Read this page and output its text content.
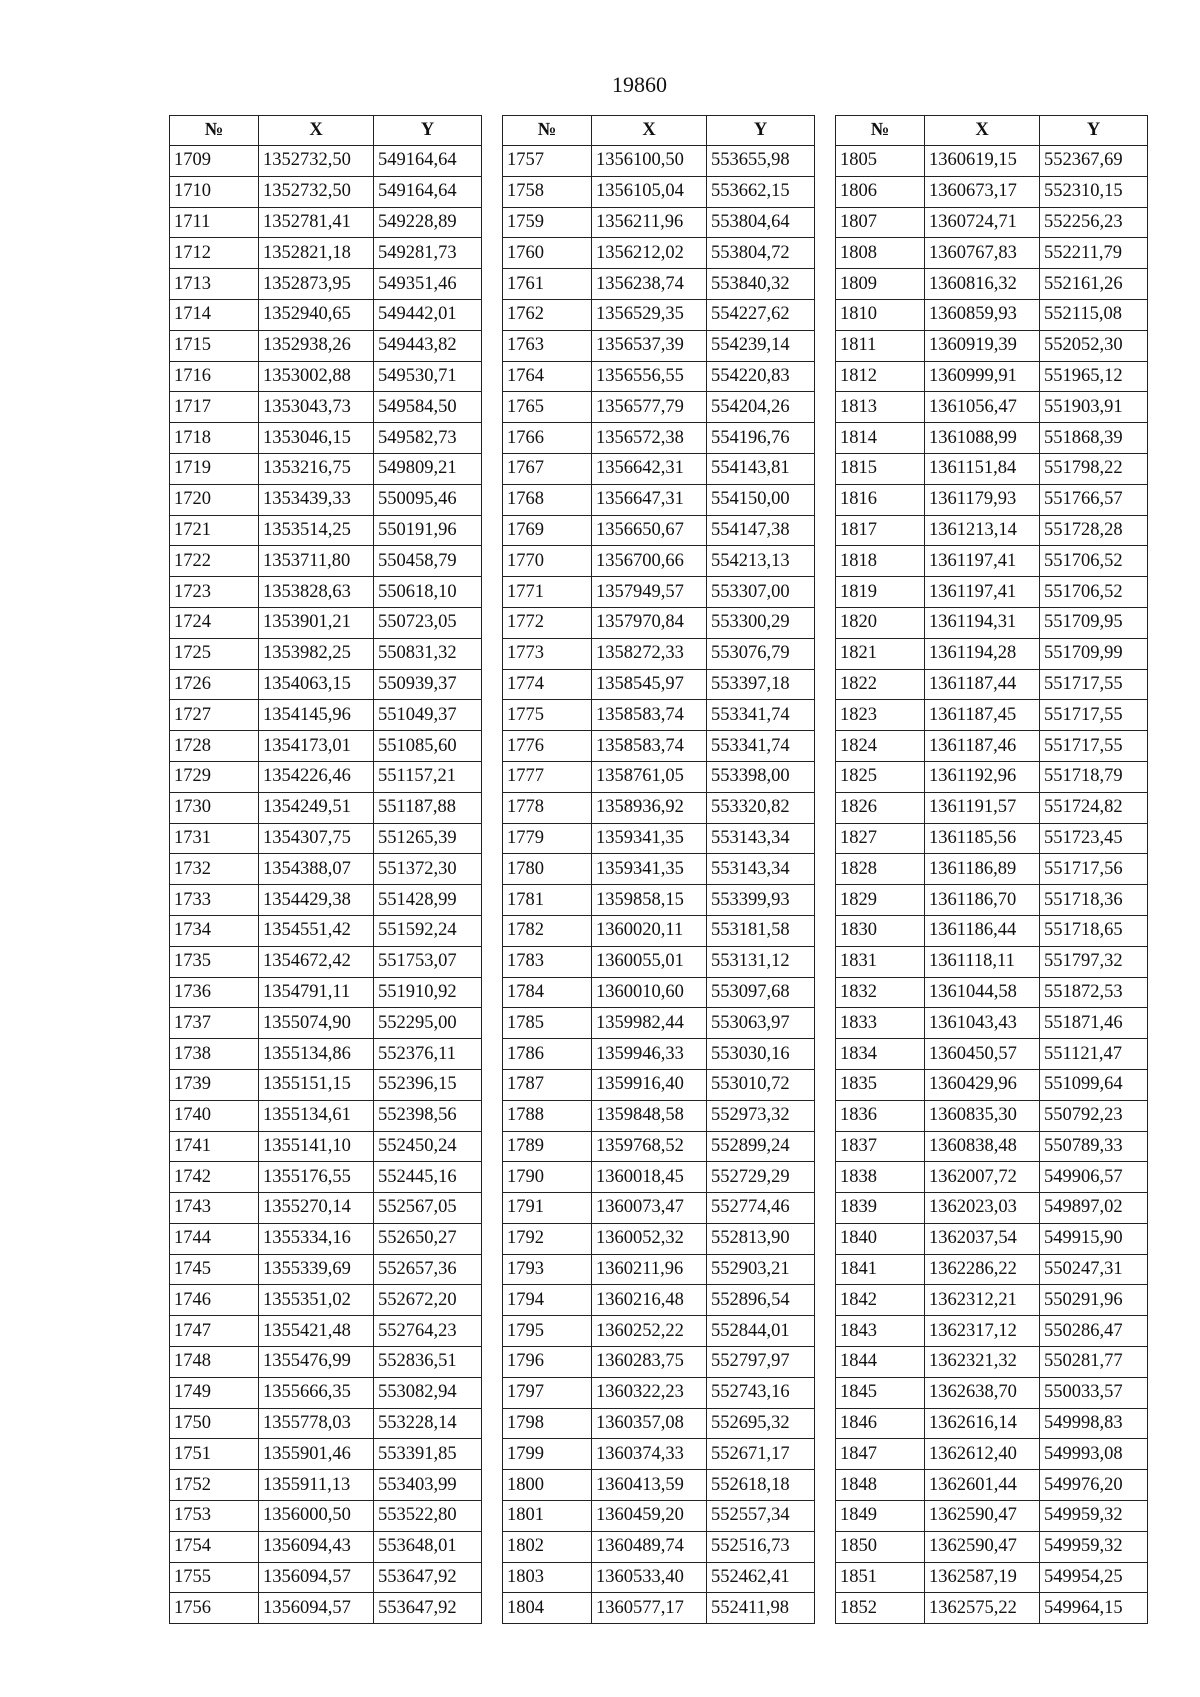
19860
№	X	Y
1709	1352732,50	549164,64
1710	1352732,50	549164,64
1711	1352781,41	549228,89
1712	1352821,18	549281,73
1713	1352873,95	549351,46
1714	1352940,65	549442,01
1715	1352938,26	549443,82
1716	1353002,88	549530,71
1717	1353043,73	549584,50
1718	1353046,15	549582,73
1719	1353216,75	549809,21
1720	1353439,33	550095,46
1721	1353514,25	550191,96
1722	1353711,80	550458,79
1723	1353828,63	550618,10
1724	1353901,21	550723,05
1725	1353982,25	550831,32
1726	1354063,15	550939,37
1727	1354145,96	551049,37
1728	1354173,01	551085,60
1729	1354226,46	551157,21
1730	1354249,51	551187,88
1731	1354307,75	551265,39
1732	1354388,07	551372,30
1733	1354429,38	551428,99
1734	1354551,42	551592,24
1735	1354672,42	551753,07
1736	1354791,11	551910,92
1737	1355074,90	552295,00
1738	1355134,86	552376,11
1739	1355151,15	552396,15
1740	1355134,61	552398,56
1741	1355141,10	552450,24
1742	1355176,55	552445,16
1743	1355270,14	552567,05
1744	1355334,16	552650,27
1745	1355339,69	552657,36
1746	1355351,02	552672,20
1747	1355421,48	552764,23
1748	1355476,99	552836,51
1749	1355666,35	553082,94
1750	1355778,03	553228,14
1751	1355901,46	553391,85
1752	1355911,13	553403,99
1753	1356000,50	553522,80
1754	1356094,43	553648,01
1755	1356094,57	553647,92
1756	1356094,57	553647,92
№	X	Y
1757	1356100,50	553655,98
1758	1356105,04	553662,15
1759	1356211,96	553804,64
1760	1356212,02	553804,72
1761	1356238,74	553840,32
1762	1356529,35	554227,62
1763	1356537,39	554239,14
1764	1356556,55	554220,83
1765	1356577,79	554204,26
1766	1356572,38	554196,76
1767	1356642,31	554143,81
1768	1356647,31	554150,00
1769	1356650,67	554147,38
1770	1356700,66	554213,13
1771	1357949,57	553307,00
1772	1357970,84	553300,29
1773	1358272,33	553076,79
1774	1358545,97	553397,18
1775	1358583,74	553341,74
1776	1358583,74	553341,74
1777	1358761,05	553398,00
1778	1358936,92	553320,82
1779	1359341,35	553143,34
1780	1359341,35	553143,34
1781	1359858,15	553399,93
1782	1360020,11	553181,58
1783	1360055,01	553131,12
1784	1360010,60	553097,68
1785	1359982,44	553063,97
1786	1359946,33	553030,16
1787	1359916,40	553010,72
1788	1359848,58	552973,32
1789	1359768,52	552899,24
1790	1360018,45	552729,29
1791	1360073,47	552774,46
1792	1360052,32	552813,90
1793	1360211,96	552903,21
1794	1360216,48	552896,54
1795	1360252,22	552844,01
1796	1360283,75	552797,97
1797	1360322,23	552743,16
1798	1360357,08	552695,32
1799	1360374,33	552671,17
1800	1360413,59	552618,18
1801	1360459,20	552557,34
1802	1360489,74	552516,73
1803	1360533,40	552462,41
1804	1360577,17	552411,98
№	X	Y
1805	1360619,15	552367,69
1806	1360673,17	552310,15
1807	1360724,71	552256,23
1808	1360767,83	552211,79
1809	1360816,32	552161,26
1810	1360859,93	552115,08
1811	1360919,39	552052,30
1812	1360999,91	551965,12
1813	1361056,47	551903,91
1814	1361088,99	551868,39
1815	1361151,84	551798,22
1816	1361179,93	551766,57
1817	1361213,14	551728,28
1818	1361197,41	551706,52
1819	1361197,41	551706,52
1820	1361194,31	551709,95
1821	1361194,28	551709,99
1822	1361187,44	551717,55
1823	1361187,45	551717,55
1824	1361187,46	551717,55
1825	1361192,96	551718,79
1826	1361191,57	551724,82
1827	1361185,56	551723,45
1828	1361186,89	551717,56
1829	1361186,70	551718,36
1830	1361186,44	551718,65
1831	1361118,11	551797,32
1832	1361044,58	551872,53
1833	1361043,43	551871,46
1834	1360450,57	551121,47
1835	1360429,96	551099,64
1836	1360835,30	550792,23
1837	1360838,48	550789,33
1838	1362007,72	549906,57
1839	1362023,03	549897,02
1840	1362037,54	549915,90
1841	1362286,22	550247,31
1842	1362312,21	550291,96
1843	1362317,12	550286,47
1844	1362321,32	550281,77
1845	1362638,70	550033,57
1846	1362616,14	549998,83
1847	1362612,40	549993,08
1848	1362601,44	549976,20
1849	1362590,47	549959,32
1850	1362590,47	549959,32
1851	1362587,19	549954,25
1852	1362575,22	549964,15
